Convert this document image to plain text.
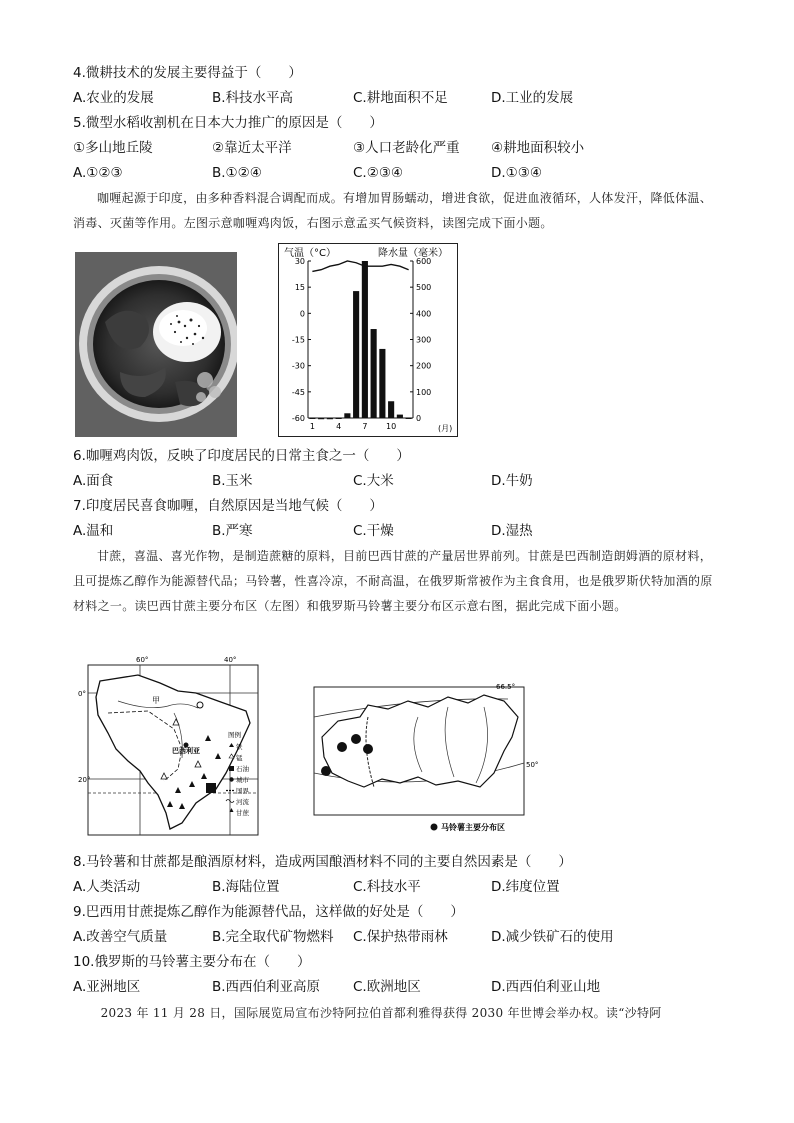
4.微耕技术的发展主要得益于（　　）
A.农业的发展	B.科技水平高	C.耕地面积不足	D.工业的发展
5.微型水稻收割机在日本大力推广的原因是（　　）
①多山地丘陵	②靠近太平洋	③人口老龄化严重 ④耕地面积较小
A.①②③	B.①②④	C.②③④	D.①③④
咖喱起源于印度，由多种香料混合调配而成。有增加胃肠蠕动，增进食欲，促进血液循环，人体发汗，降低体温、消毒、灭菌等作用。左图示意咖喱鸡肉饭，右图示意孟买气候资料，读图完成下面小题。
气温（°C）	降水量（毫米）
(月)
30
15
0
-15
-30
-45
-60
600
500
400
300
200
100
0
1	4	7 10
6.咖喱鸡肉饭，反映了印度居民的日常主食之一（　　）
A.面食	B.玉米	C.大米	D.牛奶
7.印度居民喜食咖喱，自然原因是当地气候（　　）
A.温和	B.严寒	C.干燥	D.湿热
甘蔗，喜温、喜光作物，是制造蔗糖的原料，目前巴西甘蔗的产量居世界前列。甘蔗是巴西制造朗姆酒的原材料，且可提炼乙醇作为能源替代品；马铃薯，性喜冷凉，不耐高温，在俄罗斯常被作为主食食用，也是俄罗斯伏特加酒的原材料之一。读巴西甘蔗主要分布区（左图）和俄罗斯马铃薯主要分布区示意右图，据此完成下面小题。
60°	40°
0°
20°
甲
巴西利亚
图例
铁
锰
石油
城市
国界
河流
甘蔗
66.5°
50°
马铃薯主要分布区
8.马铃薯和甘蔗都是酿酒原材料，造成两国酿酒材料不同的主要自然因素是（　　）
A.人类活动	B.海陆位置	C.科技水平	D.纬度位置
9.巴西用甘蔗提炼乙醇作为能源替代品，这样做的好处是（　　）
A.改善空气质量	B.完全取代矿物燃料 C.保护热带雨林	D.减少铁矿石的使用
10.俄罗斯的马铃薯主要分布在（　　）
A.亚洲地区	B.西西伯利亚高原 C.欧洲地区	D.西西伯利亚山地
2023 年 11 月 28 日，国际展览局宣布沙特阿拉伯首都利雅得获得 2030 年世博会举办权。读“沙特阿
